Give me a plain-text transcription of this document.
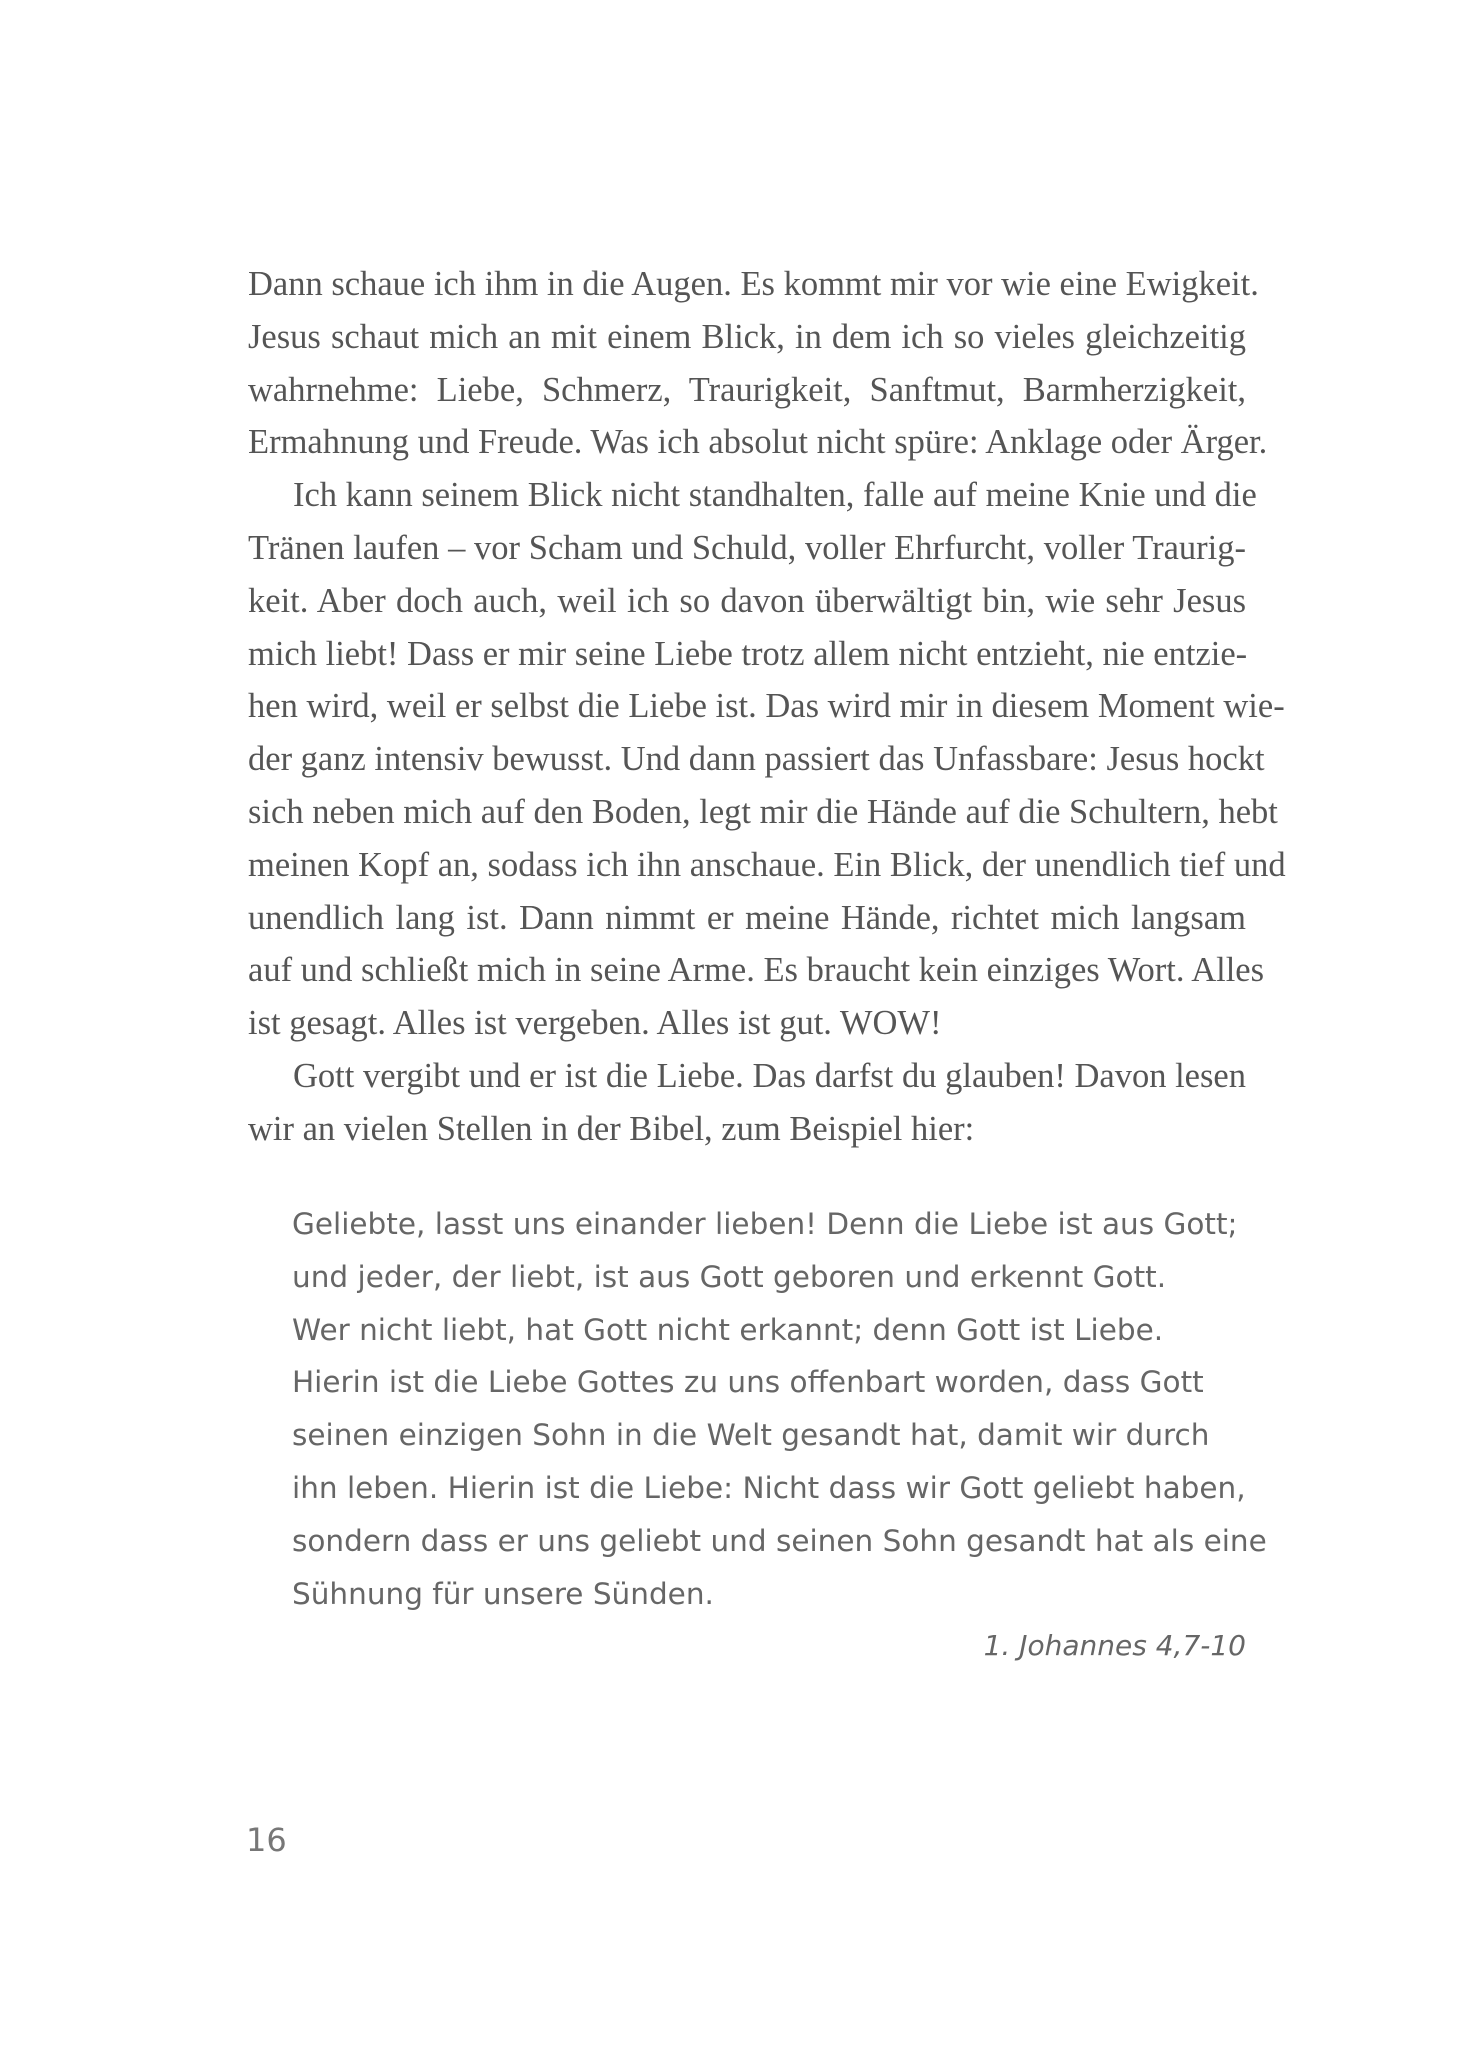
Dann schaue ich ihm in die Augen. Es kommt mir vor wie eine Ewigkeit.
Jesus schaut mich an mit einem Blick, in dem ich so vieles gleichzeitig
wahrnehme: Liebe, Schmerz, Traurigkeit, Sanftmut, Barmherzigkeit,
Ermahnung und Freude. Was ich absolut nicht spüre: Anklage oder Ärger.
Ich kann seinem Blick nicht standhalten, falle auf meine Knie und die
Tränen laufen – vor Scham und Schuld, voller Ehrfurcht, voller Traurig-
keit. Aber doch auch, weil ich so davon überwältigt bin, wie sehr Jesus
mich liebt! Dass er mir seine Liebe trotz allem nicht entzieht, nie entzie-
hen wird, weil er selbst die Liebe ist. Das wird mir in diesem Moment wie-
der ganz intensiv bewusst. Und dann passiert das Unfassbare: Jesus hockt
sich neben mich auf den Boden, legt mir die Hände auf die Schultern, hebt
meinen Kopf an, sodass ich ihn anschaue. Ein Blick, der unendlich tief und
unendlich lang ist. Dann nimmt er meine Hände, richtet mich langsam
auf und schließt mich in seine Arme. Es braucht kein einziges Wort. Alles
ist gesagt. Alles ist vergeben. Alles ist gut. WOW!
Gott vergibt und er ist die Liebe. Das darfst du glauben! Davon lesen
wir an vielen Stellen in der Bibel, zum Beispiel hier:
Geliebte, lasst uns einander lieben! Denn die Liebe ist aus Gott;
und jeder, der liebt, ist aus Gott geboren und erkennt Gott.
Wer nicht liebt, hat Gott nicht erkannt; denn Gott ist Liebe.
Hierin ist die Liebe Gottes zu uns offenbart worden, dass Gott
seinen einzigen Sohn in die Welt gesandt hat, damit wir durch
ihn leben. Hierin ist die Liebe: Nicht dass wir Gott geliebt haben,
sondern dass er uns geliebt und seinen Sohn gesandt hat als eine
Sühnung für unsere Sünden.
1. Johannes 4,7-10
16
